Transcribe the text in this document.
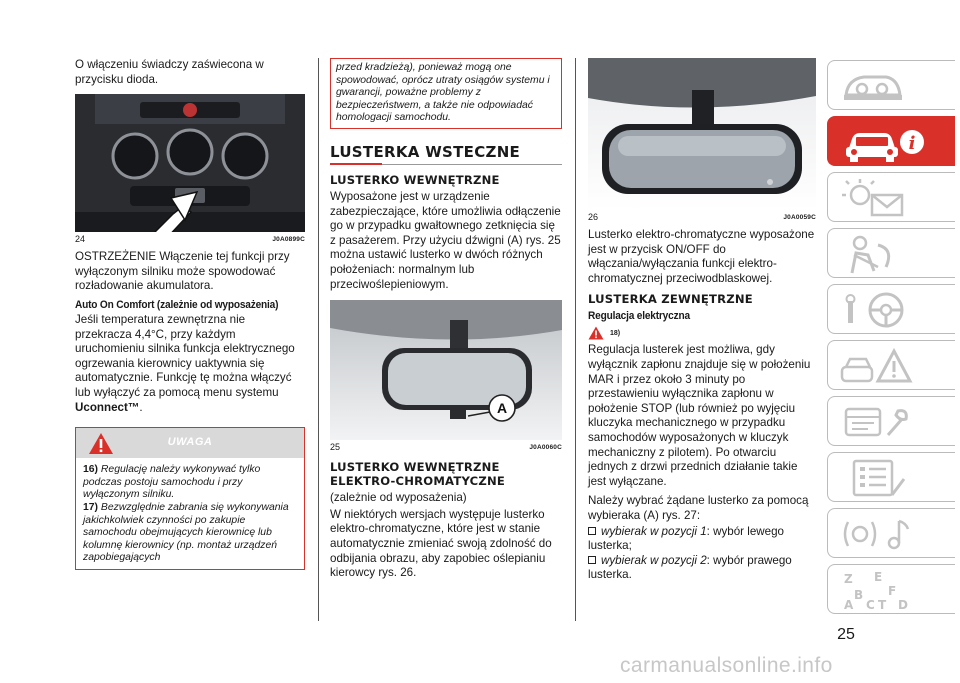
O włączeniu świadczy zaświecona w przycisku dioda.

24	J0A0899C

OSTRZEŻENIE Włączenie tej funkcji przy wyłączonym silniku może spowodować rozładowanie akumulatora.

Auto On Comfort (zależnie od wyposażenia)

Jeśli temperatura zewnętrzna nie przekracza 4,4°C, przy każdym uruchomieniu silnika funkcja elektrycznego ogrzewania kierownicy uaktywnia się automatycznie. Funkcję tę można włączyć lub wyłączyć za pomocą menu systemu Uconnect™.

UWAGA
16) Regulację należy wykonywać tylko podczas postoju samochodu i przy wyłączonym silniku.
17) Bezwzględnie zabrania się wykonywania jakichkolwiek czynności po zakupie samochodu obejmujących kierownicę lub kolumnę kierownicy (np. montaż urządzeń zapobiegających
przed kradzieżą), ponieważ mogą one spowodować, oprócz utraty osiągów systemu i gwarancji, poważne problemy z bezpieczeństwem, a także nie odpowiadać homologacji samochodu.
LUSTERKA WSTECZNE
LUSTERKO WEWNĘTRZNE

Wyposażone jest w urządzenie zabezpieczające, które umożliwia odłączenie go w przypadku gwałtownego zetknięcia się z pasażerem. Przy użyciu dźwigni (A) rys. 25 można ustawić lusterko w dwóch różnych położeniach: normalnym lub przeciwoślepieniowym.

A
25	J0A0060C
LUSTERKO WEWNĘTRZNE
ELEKTRO-CHROMATYCZNE

(zależnie od wyposażenia)

W niektórych wersjach występuje lusterko elektro-chromatyczne, które jest w stanie automatycznie zmieniać swoją zdolność do odbijania obrazu, aby zapobiec oślepianiu kierowcy rys. 26.

26	J0A0059C

Lusterko elektro-chromatyczne wyposażone jest w przycisk ON/OFF do włączania/wyłączania funkcji elektro-chromatycznej przeciwodblaskowej.

LUSTERKA ZEWNĘTRZNE
Regulacja elektryczna
18)

Regulacja lusterek jest możliwa, gdy wyłącznik zapłonu znajduje się w położeniu MAR i przez około 3 minuty po przestawieniu wyłącznika zapłonu w położenie STOP (lub również po wyjęciu kluczyka mechanicznego w przypadku samochodów wyposażonych w kluczyk mechaniczny z pilotem). Po otwarciu jednych z drzwi przednich działanie takie jest wyłączane.

Należy wybrać żądane lusterko za pomocą wybieraka (A) rys. 27:

wybierak w pozycji 1: wybór lewego lusterka;
wybierak w pozycji 2: wybór prawego lusterka.
i
Z E
B F
A C T D
25
carmanualsonline.info
